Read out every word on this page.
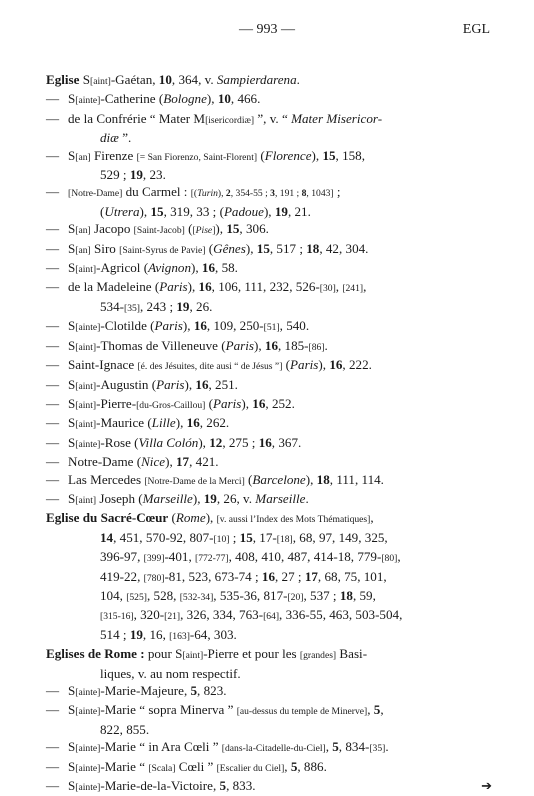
— 993 —	EGL
Eglise S[aint]-Gaétan, 10, 364, v. Sampierdarena.
— S[ainte]-Catherine (Bologne), 10, 466.
— de la Confrérie “ Mater M[isericordiæ] ”, v. “ Mater Misericor-
diæ ”.
— S[an] Firenze [= San Fiorenzo, Saint-Florent] (Florence), 15, 158,
529 ; 19, 23.
— [Notre-Dame] du Carmel : [(Turin), 2, 354-55 ; 3, 191 ; 8, 1043] ;
(Utrera), 15, 319, 33 ; (Padoue), 19, 21.
— S[an] Jacopo [Saint-Jacob] ([Pise]), 15, 306.
— S[an] Siro [Saint-Syrus de Pavie] (Gênes), 15, 517 ; 18, 42, 304.
— S[aint]-Agricol (Avignon), 16, 58.
— de la Madeleine (Paris), 16, 106, 111, 232, 526-[30], [241],
534-[35], 243 ; 19, 26.
— S[ainte]-Clotilde (Paris), 16, 109, 250-[51], 540.
— S[aint]-Thomas de Villeneuve (Paris), 16, 185-[86].
— Saint-Ignace [é. des Jésuites, dite ausi “ de Jésus ”] (Paris), 16, 222.
— S[aint]-Augustin (Paris), 16, 251.
— S[aint]-Pierre-[du-Gros-Caillou] (Paris), 16, 252.
— S[aint]-Maurice (Lille), 16, 262.
— S[ainte]-Rose (Villa Colón), 12, 275 ; 16, 367.
— Notre-Dame (Nice), 17, 421.
— Las Mercedes [Notre-Dame de la Merci] (Barcelone), 18, 111, 114.
— S[aint] Joseph (Marseille), 19, 26, v. Marseille.
Eglise du Sacré-Cœur (Rome), [v. aussi l’Index des Mots Thématiques],
14, 451, 570-92, 807-[10] ; 15, 17-[18], 68, 97, 149, 325,
396-97, [399]-401, [772-77], 408, 410, 487, 414-18, 779-[80],
419-22, [780]-81, 523, 673-74 ; 16, 27 ; 17, 68, 75, 101,
104, [525], 528, [532-34], 535-36, 817-[20], 537 ; 18, 59,
[315-16], 320-[21], 326, 334, 763-[64], 336-55, 463, 503-504,
514 ; 19, 16, [163]-64, 303.
Eglises de Rome : pour S[aint]-Pierre et pour les [grandes] Basi-
liques, v. au nom respectif.
— S[ainte]-Marie-Majeure, 5, 823.
— S[ainte]-Marie “ sopra Minerva ” [au-dessus du temple de Minerve], 5,
822, 855.
— S[ainte]-Marie “ in Ara Cœli ” [dans-la-Citadelle-du-Ciel], 5, 834-[35].
— S[ainte]-Marie “ [Scala] Cœli ” [Escalier du Ciel], 5, 886.
— S[ainte]-Marie-de-la-Victoire, 5, 833.	➔
